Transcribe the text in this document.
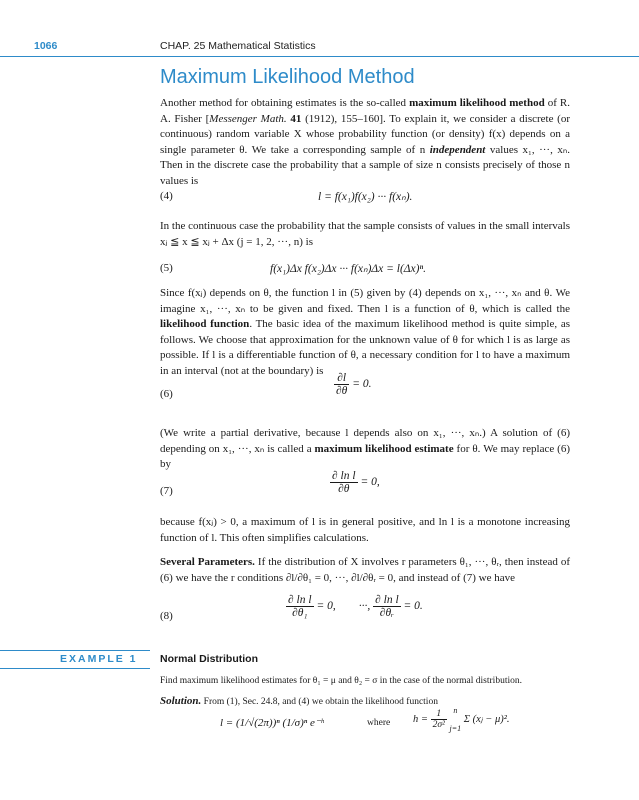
1066	CHAP. 25 Mathematical Statistics
Maximum Likelihood Method
Another method for obtaining estimates is the so-called maximum likelihood method of R. A. Fisher [Messenger Math. 41 (1912), 155–160]. To explain it, we consider a discrete (or continuous) random variable X whose probability function (or density) f(x) depends on a single parameter θ. We take a corresponding sample of n independent values x₁, ···, xₙ. Then in the discrete case the probability that a sample of size n consists precisely of those n values is
(4)	l = f(x₁)f(x₂) ··· f(xₙ).
In the continuous case the probability that the sample consists of values in the small intervals xⱼ ≦ x ≦ xⱼ + Δx (j = 1, 2, ···, n) is
(5)	f(x₁)Δx f(x₂)Δx ··· f(xₙ)Δx = l(Δx)ⁿ.
Since f(xⱼ) depends on θ, the function l in (5) given by (4) depends on x₁, ···, xₙ and θ. We imagine x₁, ···, xₙ to be given and fixed. Then l is a function of θ, which is called the likelihood function. The basic idea of the maximum likelihood method is quite simple, as follows. We choose that approximation for the unknown value of θ for which l is as large as possible. If l is a differentiable function of θ, a necessary condition for l to have a maximum in an interval (not at the boundary) is
(6)	$\frac{\partial l}{\partial\theta} = 0$.
(We write a partial derivative, because l depends also on x₁, ···, xₙ.) A solution of (6) depending on x₁, ···, xₙ is called a maximum likelihood estimate for θ. We may replace (6) by
(7)	$\frac{\text{∂ ln l}}{\partial\theta} = 0$,
because f(xⱼ) > 0, a maximum of l is in general positive, and ln l is a monotone increasing function of l. This often simplifies calculations.
Several Parameters. If the distribution of X involves r parameters θ₁, ···, θᵣ, then instead of (6) we have the r conditions ∂l/∂θ₁ = 0, ···, ∂l/∂θᵣ = 0, and instead of (7) we have
(8)	$\frac{\text{∂ ln l}}{\text{∂θ₁}} = 0$,        ···, $\frac{\text{∂ ln l}}{\text{∂θᵣ}} = 0$.
EXAMPLE 1 Normal Distribution
Find maximum likelihood estimates for θ₁ = μ and θ₂ = σ in the case of the normal distribution.
Solution. From (1), Sec. 24.8, and (4) we obtain the likelihood function
l = (1/√(2π))ⁿ (1/σ)ⁿ e⁻ʰ	where $h = \frac{1}{\text{2σ²}}$
n
j=1
Σ (xⱼ − μ)².
